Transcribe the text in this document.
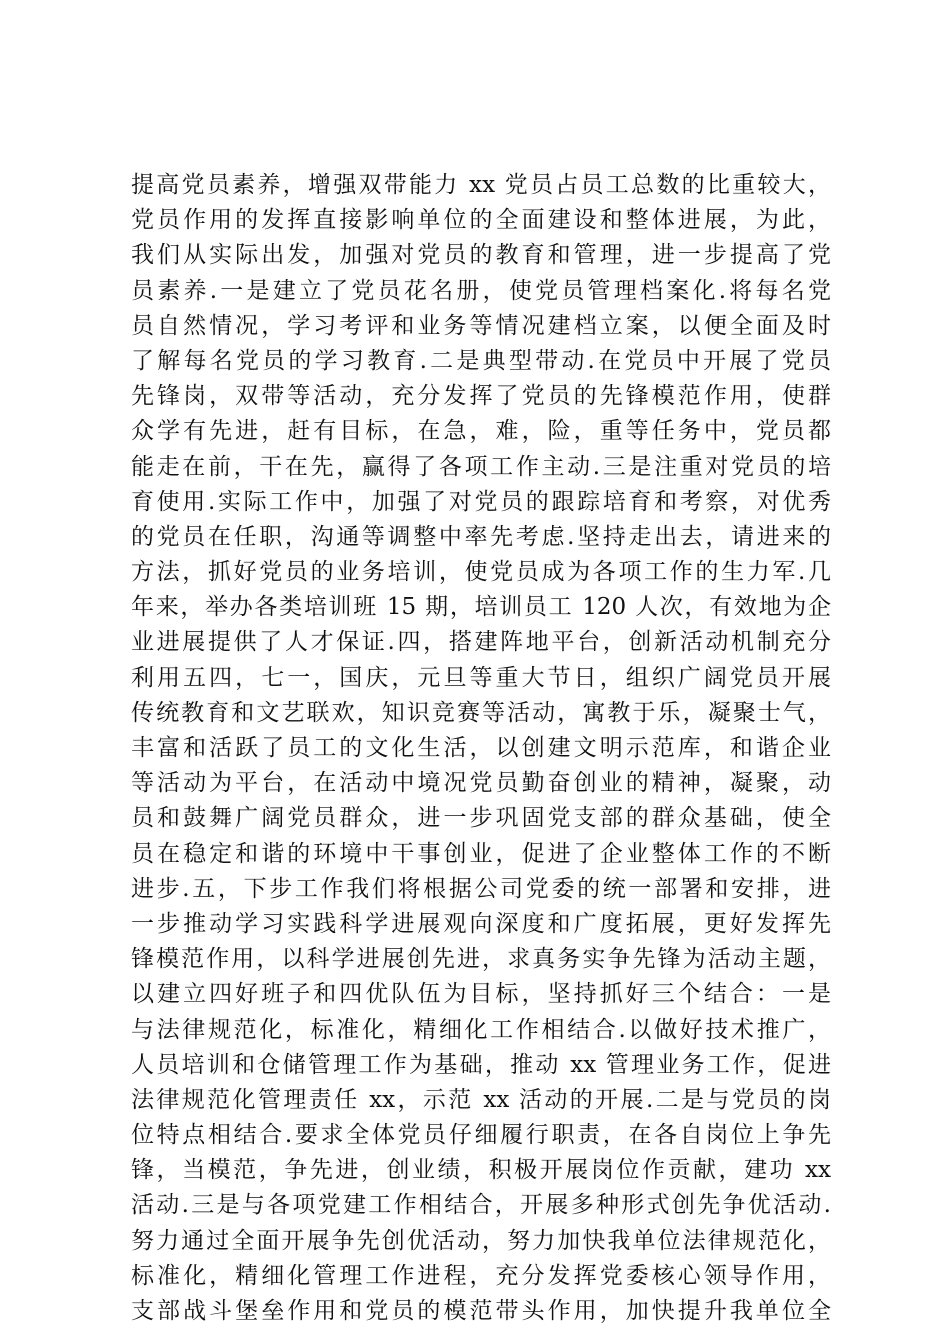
提高党员素养，增强双带能力 xx 党员占员工总数的比重较大，
党员作用的发挥直接影响单位的全面建设和整体进展，为此，
我们从实际出发，加强对党员的教育和管理，进一步提高了党
员素养.一是建立了党员花名册，使党员管理档案化.将每名党
员自然情况，学习考评和业务等情况建档立案，以便全面及时
了解每名党员的学习教育.二是典型带动.在党员中开展了党员
先锋岗，双带等活动，充分发挥了党员的先锋模范作用，使群
众学有先进，赶有目标，在急，难，险，重等任务中，党员都
能走在前，干在先，赢得了各项工作主动.三是注重对党员的培
育使用.实际工作中，加强了对党员的跟踪培育和考察，对优秀
的党员在任职，沟通等调整中率先考虑.坚持走出去，请进来的
方法，抓好党员的业务培训，使党员成为各项工作的生力军.几
年来，举办各类培训班 15 期，培训员工 120 人次，有效地为企
业进展提供了人才保证.四，搭建阵地平台，创新活动机制充分
利用五四，七一，国庆，元旦等重大节日，组织广阔党员开展
传统教育和文艺联欢，知识竞赛等活动，寓教于乐，凝聚士气，
丰富和活跃了员工的文化生活，以创建文明示范库，和谐企业
等活动为平台，在活动中境况党员勤奋创业的精神，凝聚，动
员和鼓舞广阔党员群众，进一步巩固党支部的群众基础，使全
员在稳定和谐的环境中干事创业，促进了企业整体工作的不断
进步.五，下步工作我们将根据公司党委的统一部署和安排，进
一步推动学习实践科学进展观向深度和广度拓展，更好发挥先
锋模范作用，以科学进展创先进，求真务实争先锋为活动主题，
以建立四好班子和四优队伍为目标，坚持抓好三个结合：一是
与法律规范化，标准化，精细化工作相结合.以做好技术推广，
人员培训和仓储管理工作为基础，推动 xx 管理业务工作，促进
法律规范化管理责任 xx，示范 xx 活动的开展.二是与党员的岗
位特点相结合.要求全体党员仔细履行职责，在各自岗位上争先
锋，当模范，争先进，创业绩，积极开展岗位作贡献，建功 xx
活动.三是与各项党建工作相结合，开展多种形式创先争优活动.
努力通过全面开展争先创优活动，努力加快我单位法律规范化，
标准化，精细化管理工作进程，充分发挥党委核心领导作用，
支部战斗堡垒作用和党员的模范带头作用，加快提升我单位全
